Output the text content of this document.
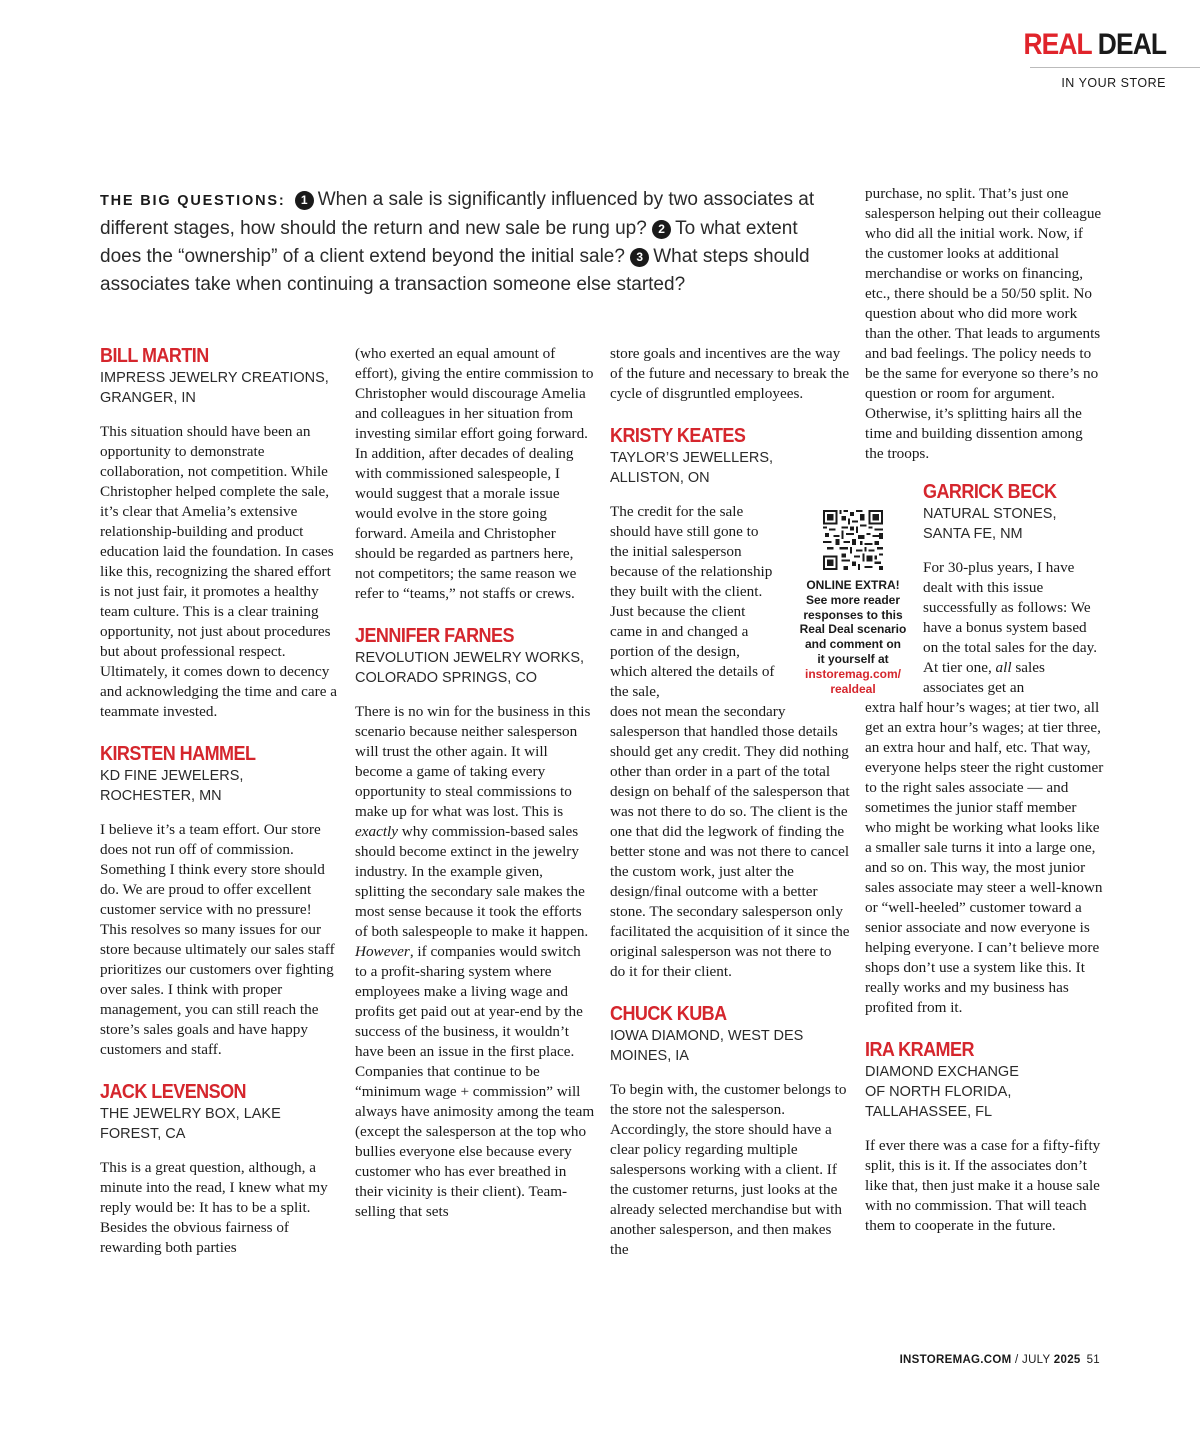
REAL DEAL
IN YOUR STORE
THE BIG QUESTIONS: 1 When a sale is significantly influenced by two associates at different stages, how should the return and new sale be rung up? 2 To what extent does the “ownership” of a client extend beyond the initial sale? 3 What steps should associates take when continuing a transaction someone else started?
BILL MARTIN
IMPRESS JEWELRY CREATIONS,
GRANGER, IN

This situation should have been an opportunity to demonstrate collaboration, not competition. While Christopher helped complete the sale, it’s clear that Amelia’s extensive relationship-building and product education laid the foundation. In cases like this, recognizing the shared effort is not just fair, it promotes a healthy team culture. This is a clear training opportunity, not just about procedures but about professional respect. Ultimately, it comes down to decency and acknowledging the time and care a teammate invested.

KIRSTEN HAMMEL
KD FINE JEWELERS,
ROCHESTER, MN

I believe it’s a team effort. Our store does not run off of commission. Something I think every store should do. We are proud to offer excellent customer service with no pressure! This resolves so many issues for our store because ultimately our sales staff prioritizes our customers over fighting over sales. I think with proper management, you can still reach the store’s sales goals and have happy customers and staff.

JACK LEVENSON
THE JEWELRY BOX, LAKE
FOREST, CA

This is a great question, although, a minute into the read, I knew what my reply would be: It has to be a split. Besides the obvious fairness of rewarding both parties

(who exerted an equal amount of effort), giving the entire commission to Christopher would discourage Amelia and colleagues in her situation from investing similar effort going forward. In addition, after decades of dealing with commissioned salespeople, I would suggest that a morale issue would evolve in the store going forward. Ameila and Christopher should be regarded as partners here, not competitors; the same reason we refer to “teams,” not staffs or crews.

JENNIFER FARNES
REVOLUTION JEWELRY WORKS,
COLORADO SPRINGS, CO

There is no win for the business in this scenario because neither salesperson will trust the other again. It will become a game of taking every opportunity to steal commissions to make up for what was lost. This is exactly why commission-based sales should become extinct in the jewelry industry. In the example given, splitting the secondary sale makes the most sense because it took the efforts of both salespeople to make it happen. However, if companies would switch to a profit-sharing system where employees make a living wage and profits get paid out at year-end by the success of the business, it wouldn’t have been an issue in the first place. Companies that continue to be “minimum wage + commission” will always have animosity among the team (except the salesperson at the top who bullies everyone else because every customer who has ever breathed in their vicinity is their client). Team-selling that sets

store goals and incentives are the way of the future and necessary to break the cycle of disgruntled employees.

KRISTY KEATES
TAYLOR’S JEWELLERS,
ALLISTON, ON

The credit for the sale should have still gone to the initial salesperson because of the relationship they built with the client. Just because the client came in and changed a portion of the design, which altered the details of the sale,

does not mean the secondary salesperson that handled those details should get any credit. They did nothing other than order in a part of the total design on behalf of the salesperson that was not there to do so. The client is the one that did the legwork of finding the better stone and was not there to cancel the custom work, just alter the design/final outcome with a better stone. The secondary salesperson only facilitated the acquisition of it since the original salesperson was not there to do it for their client.

CHUCK KUBA
IOWA DIAMOND, WEST DES
MOINES, IA

To begin with, the customer belongs to the store not the salesperson. Accordingly, the store should have a clear policy regarding multiple salespersons working with a client. If the customer returns, just looks at the already selected merchandise but with another salesperson, and then makes the

purchase, no split. That’s just one salesperson helping out their colleague who did all the initial work. Now, if the customer looks at additional merchandise or works on financing, etc., there should be a 50/50 split. No question about who did more work than the other. That leads to arguments and bad feelings. The policy needs to be the same for everyone so there’s no question or room for argument. Otherwise, it’s splitting hairs all the time and building dissention among the troops.

GARRICK BECK
NATURAL STONES,
SANTA FE, NM

For 30-plus years, I have dealt with this issue successfully as follows: We have a bonus system based on the total sales for the day. At tier one, all sales associates get an

extra half hour’s wages; at tier two, all get an extra hour’s wages; at tier three, an extra hour and half, etc. That way, everyone helps steer the right customer to the right sales associate — and sometimes the junior staff member who might be working what looks like a smaller sale turns it into a large one, and so on. This way, the most junior sales associate may steer a well-known or “well-heeled” customer toward a senior associate and now everyone is helping everyone. I can’t believe more shops don’t use a system like this. It really works and my business has profited from it.

IRA KRAMER
DIAMOND EXCHANGE
OF NORTH FLORIDA,
TALLAHASSEE, FL

If ever there was a case for a fifty-fifty split, this is it. If the associates don’t like that, then just make it a house sale with no commission. That will teach them to cooperate in the future.

ONLINE EXTRA!
See more reader
responses to this
Real Deal scenario
and comment on
it yourself at
instoremag.com/
realdeal
INSTOREMAG.COM / JULY 2025 51
